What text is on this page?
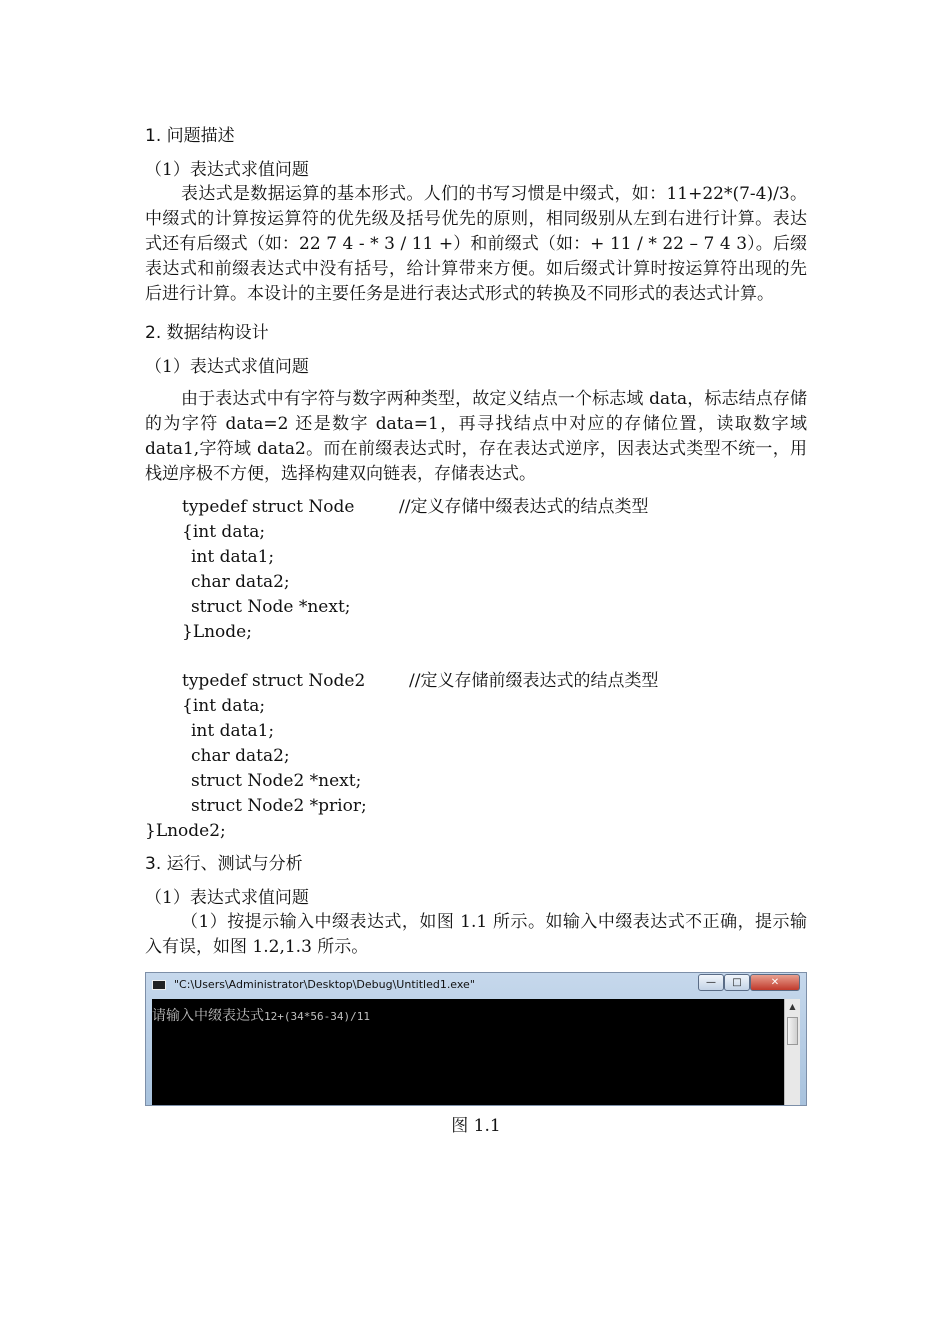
1. 问题描述
（1）表达式求值问题

表达式是数据运算的基本形式。人们的书写习惯是中缀式，如：11+22*(7-4)/3。中缀式的计算按运算符的优先级及括号优先的原则，相同级别从左到右进行计算。表达式还有后缀式（如：22 7 4 - * 3 / 11 +）和前缀式（如：+ 11 / * 22 – 7 4 3）。后缀表达式和前缀表达式中没有括号，给计算带来方便。如后缀式计算时按运算符出现的先后进行计算。本设计的主要任务是进行表达式形式的转换及不同形式的表达式计算。

2. 数据结构设计
（1）表达式求值问题

由于表达式中有字符与数字两种类型，故定义结点一个标志域 data，标志结点存储的为字符 data=2 还是数字 data=1，再寻找结点中对应的存储位置，读取数字域 data1,字符域 data2。而在前缀表达式时，存在表达式逆序，因表达式类型不统一，用栈逆序极不方便，选择构建双向链表，存储表达式。

typedef struct Node	//定义存储中缀表达式的结点类型
{int data;
int data1;
char data2;
struct Node *next;
}Lnode;
typedef struct Node2	//定义存储前缀表达式的结点类型
{int data;
int data1;
char data2;
struct Node2 *next;
struct Node2 *prior;
}Lnode2;
3. 运行、测试与分析
（1）表达式求值问题

（1）按提示输入中缀表达式，如图 1.1 所示。如输入中缀表达式不正确，提示输入有误，如图 1.2,1.3 所示。

"C:\Users\Administrator\Desktop\Debug\Untitled1.exe"	—	□	✕
请输入中缀表达式12+(34*56-34)/11
▲
图 1.1
